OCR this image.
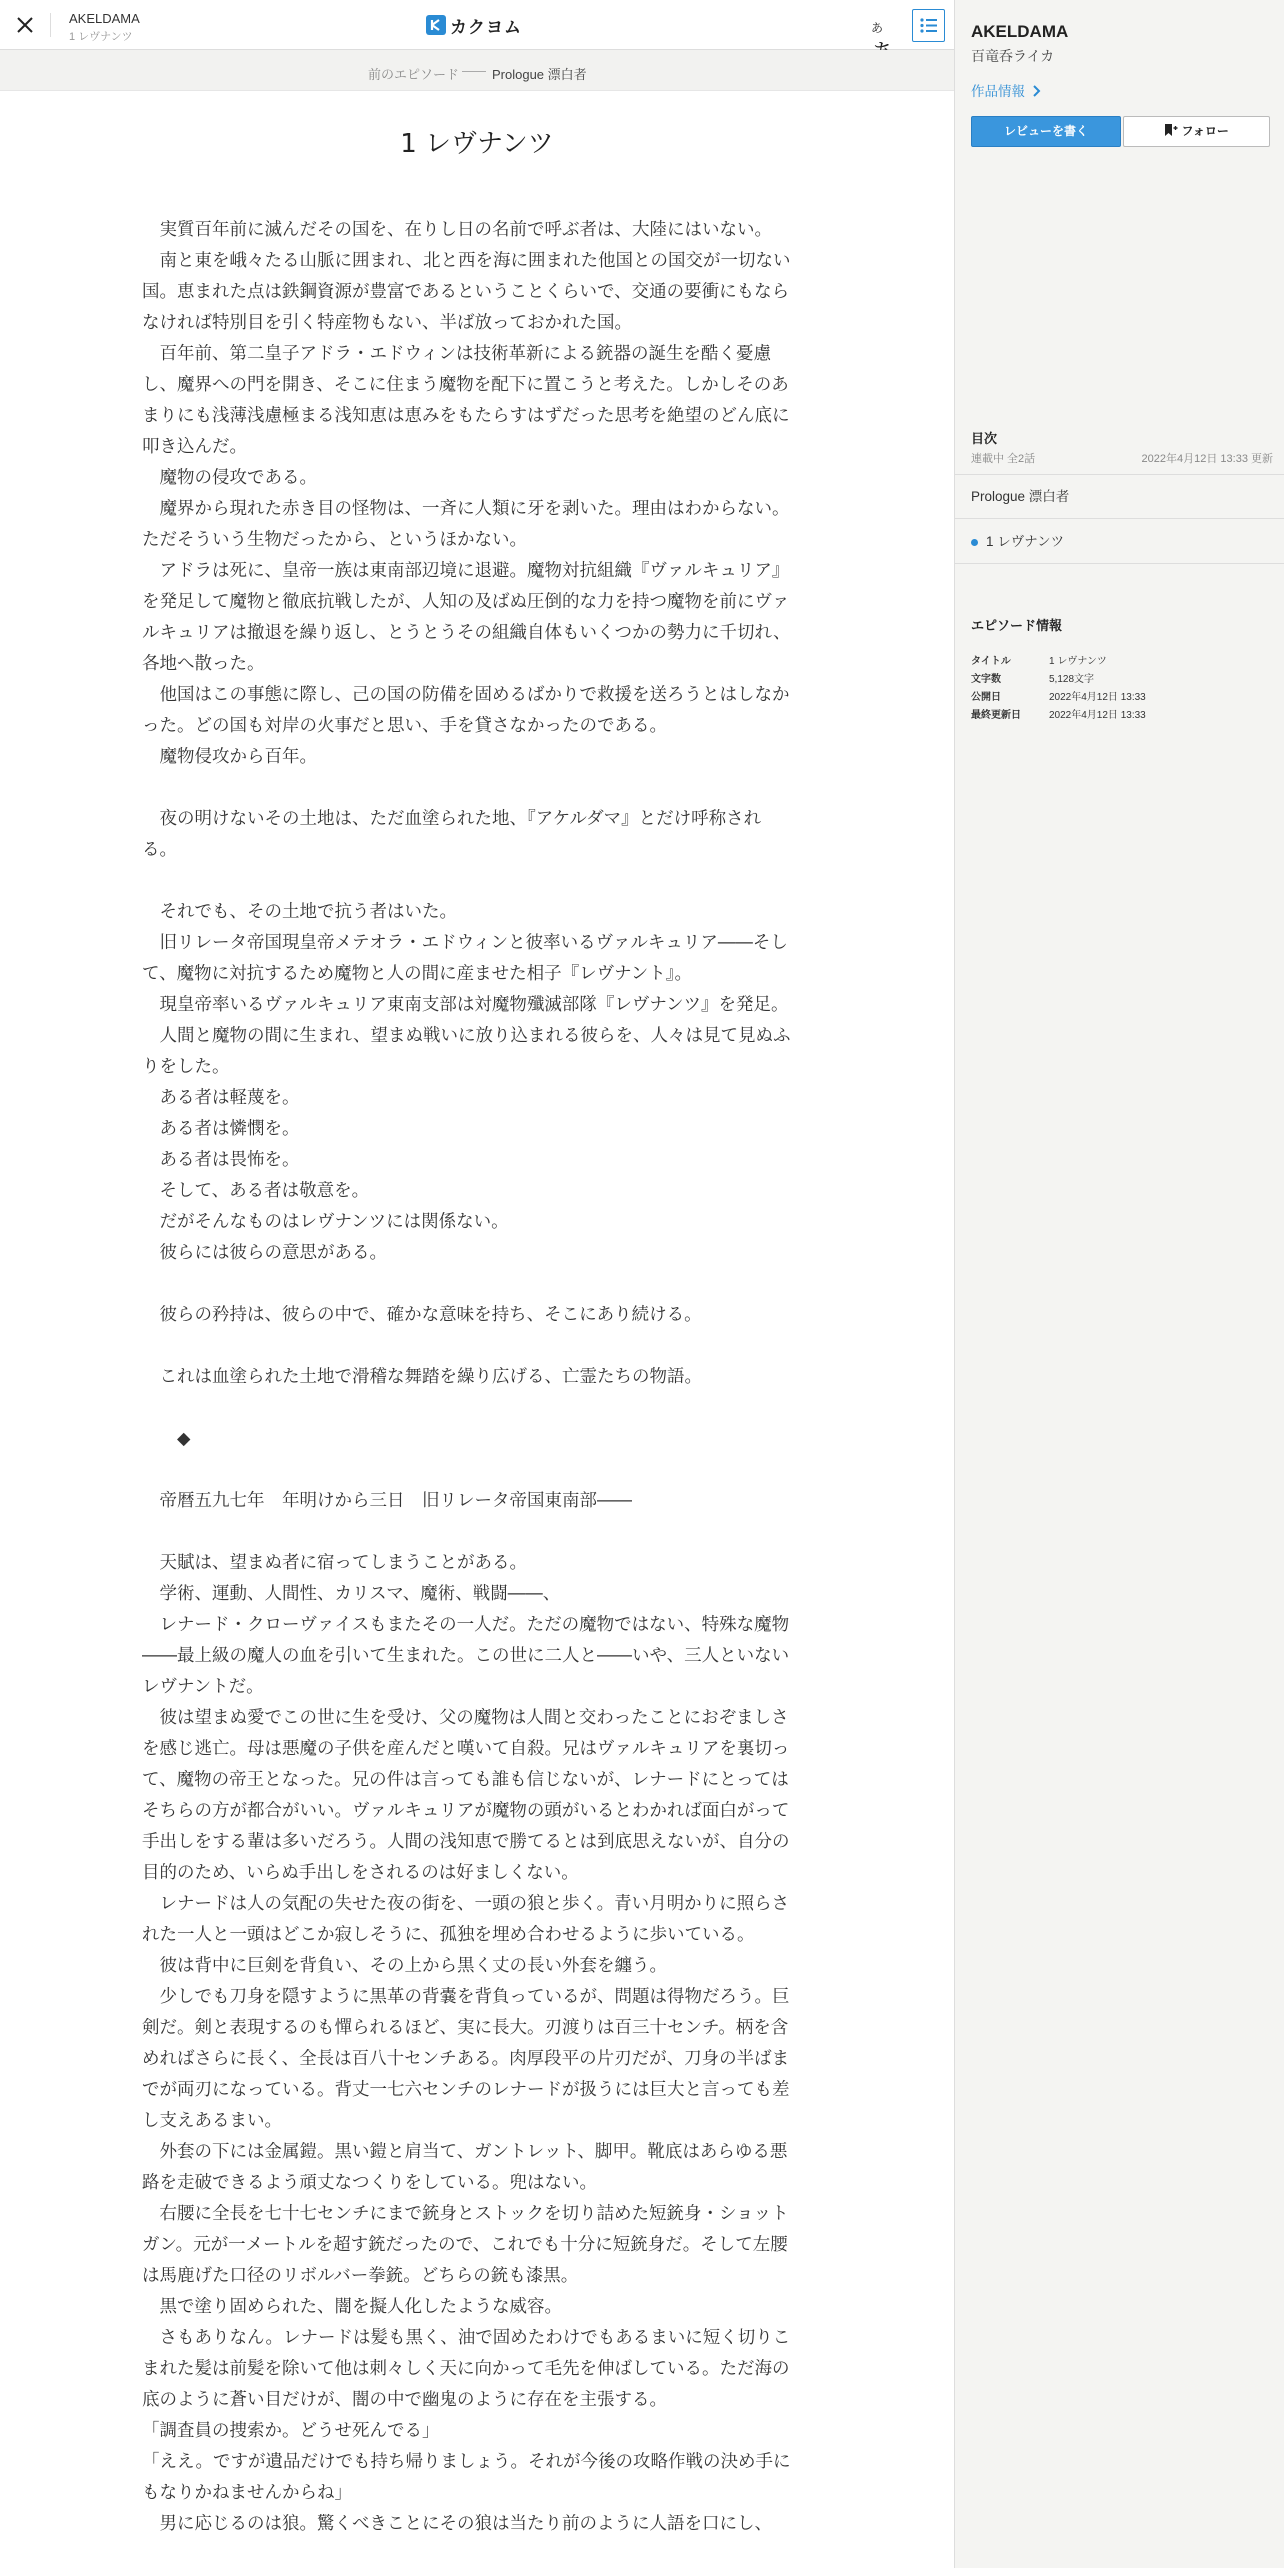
AKELDAMA
1 レヴナンツ
カクヨム	あ
前のエピソード	Prologue 漂白者
1 レヴナンツ

　実質百年前に滅んだその国を、在りし日の名前で呼ぶ者は、大陸にはいない。

　南と東を峨々たる山脈に囲まれ、北と西を海に囲まれた他国との国交が一切ない国。恵まれた点は鉄鋼資源が豊富であるということくらいで、交通の要衝にもならなければ特別目を引く特産物もない、半ば放っておかれた国。

　百年前、第二皇子アドラ・エドウィンは技術革新による銃器の誕生を酷く憂慮し、魔界への門を開き、そこに住まう魔物を配下に置こうと考えた。しかしそのあまりにも浅薄浅慮極まる浅知恵は恵みをもたらすはずだった思考を絶望のどん底に叩き込んだ。

　魔物の侵攻である。

　魔界から現れた赤き目の怪物は、一斉に人類に牙を剥いた。理由はわからない。ただそういう生物だったから、というほかない。

　アドラは死に、皇帝一族は東南部辺境に退避。魔物対抗組織『ヴァルキュリア』を発足して魔物と徹底抗戦したが、人知の及ばぬ圧倒的な力を持つ魔物を前にヴァルキュリアは撤退を繰り返し、とうとうその組織自体もいくつかの勢力に千切れ、各地へ散った。

　他国はこの事態に際し、己の国の防備を固めるばかりで救援を送ろうとはしなかった。どの国も対岸の火事だと思い、手を貸さなかったのである。

　魔物侵攻から百年。

　夜の明けないその土地は、ただ血塗られた地、『アケルダマ』とだけ呼称される。

　それでも、その土地で抗う者はいた。

　旧リレータ帝国現皇帝メテオラ・エドウィンと彼率いるヴァルキュリア――そして、魔物に対抗するため魔物と人の間に産ませた相子『レヴナント』。

　現皇帝率いるヴァルキュリア東南支部は対魔物殲滅部隊『レヴナンツ』を発足。

　人間と魔物の間に生まれ、望まぬ戦いに放り込まれる彼らを、人々は見て見ぬふりをした。

　ある者は軽蔑を。

　ある者は憐憫を。

　ある者は畏怖を。

　そして、ある者は敬意を。

　だがそんなものはレヴナンツには関係ない。

　彼らには彼らの意思がある。

　彼らの矜持は、彼らの中で、確かな意味を持ち、そこにあり続ける。

　これは血塗られた土地で滑稽な舞踏を繰り広げる、亡霊たちの物語。

　　◆

　帝暦五九七年　年明けから三日　旧リレータ帝国東南部――

　天賦は、望まぬ者に宿ってしまうことがある。

　学術、運動、人間性、カリスマ、魔術、戦闘――、

　レナード・クローヴァイスもまたその一人だ。ただの魔物ではない、特殊な魔物――最上級の魔人の血を引いて生まれた。この世に二人と――いや、三人といないレヴナントだ。

　彼は望まぬ愛でこの世に生を受け、父の魔物は人間と交わったことにおぞましさを感じ逃亡。母は悪魔の子供を産んだと嘆いて自殺。兄はヴァルキュリアを裏切って、魔物の帝王となった。兄の件は言っても誰も信じないが、レナードにとってはそちらの方が都合がいい。ヴァルキュリアが魔物の頭がいるとわかれば面白がって手出しをする輩は多いだろう。人間の浅知恵で勝てるとは到底思えないが、自分の目的のため、いらぬ手出しをされるのは好ましくない。

　レナードは人の気配の失せた夜の街を、一頭の狼と歩く。青い月明かりに照らされた一人と一頭はどこか寂しそうに、孤独を埋め合わせるように歩いている。

　彼は背中に巨剣を背負い、その上から黒く丈の長い外套を纏う。

　少しでも刀身を隠すように黒革の背嚢を背負っているが、問題は得物だろう。巨剣だ。剣と表現するのも憚られるほど、実に長大。刃渡りは百三十センチ。柄を含めればさらに長く、全長は百八十センチある。肉厚段平の片刃だが、刀身の半ばまでが両刃になっている。背丈一七六センチのレナードが扱うには巨大と言っても差し支えあるまい。

　外套の下には金属鎧。黒い鎧と肩当て、ガントレット、脚甲。靴底はあらゆる悪路を走破できるよう頑丈なつくりをしている。兜はない。

　右腰に全長を七十七センチにまで銃身とストックを切り詰めた短銃身・ショットガン。元が一メートルを超す銃だったので、これでも十分に短銃身だ。そして左腰は馬鹿げた口径のリボルバー拳銃。どちらの銃も漆黒。

　黒で塗り固められた、闇を擬人化したような威容。

　さもありなん。レナードは髪も黒く、油で固めたわけでもあるまいに短く切りこまれた髪は前髪を除いて他は刺々しく天に向かって毛先を伸ばしている。ただ海の底のように蒼い目だけが、闇の中で幽鬼のように存在を主張する。

「調査員の捜索か。どうせ死んでる」

「ええ。ですが遺品だけでも持ち帰りましょう。それが今後の攻略作戦の決め手にもなりかねませんからね」

　男に応じるのは狼。驚くべきことにその狼は当たり前のように人語を口にし、

AKELDAMA
百竜呑ライカ
作品情報
レビューを書く	フォロー
目次
連載中 全2話	2022年4月12日 13:33 更新
Prologue 漂白者
1 レヴナンツ
エピソード情報
タイトル	1 レヴナンツ
文字数	5,128文字
公開日	2022年4月12日 13:33
最終更新日	2022年4月12日 13:33
